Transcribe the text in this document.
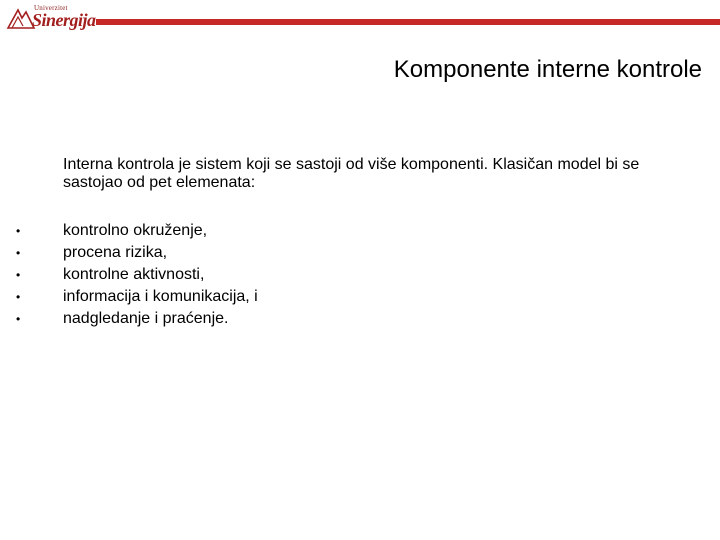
Univerzitet
Sinergija
Komponente interne kontrole
Interna kontrola je sistem koji se sastoji od više komponenti. Klasičan model bi se sastojao od pet elemenata:
•	kontrolno okruženje,
•	procena rizika,
•	kontrolne aktivnosti,
•	informacija i komunikacija, i
•	nadgledanje i praćenje.
